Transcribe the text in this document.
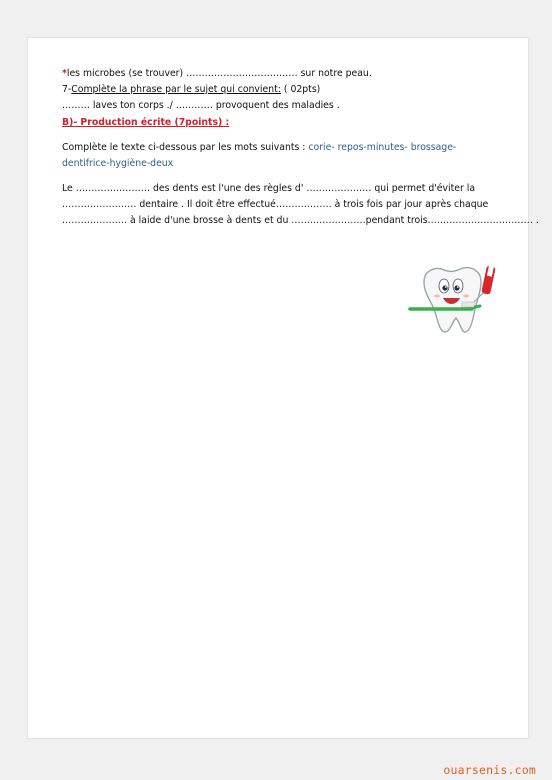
*les microbes (se trouver) ……………………………… sur notre peau.
7-Complète la phrase par le sujet qui convient: ( 02pts)
……… laves ton corps ./ ………… provoquent des maladies .
B)- Production écrite (7points) :
Complète le texte ci-dessous par les mots suivants : corie- repos-minutes- brossage-
dentifrice-hygiène-deux
Le …………………… des dents est l'une des règles d' ………………… qui permet d'éviter la
…………………… dentaire . Il doit être effectué……………… à trois fois par jour après chaque
………………… à laide d'une brosse à dents et du ……………………pendant trois.…………………………… .
ouarsenis.com
